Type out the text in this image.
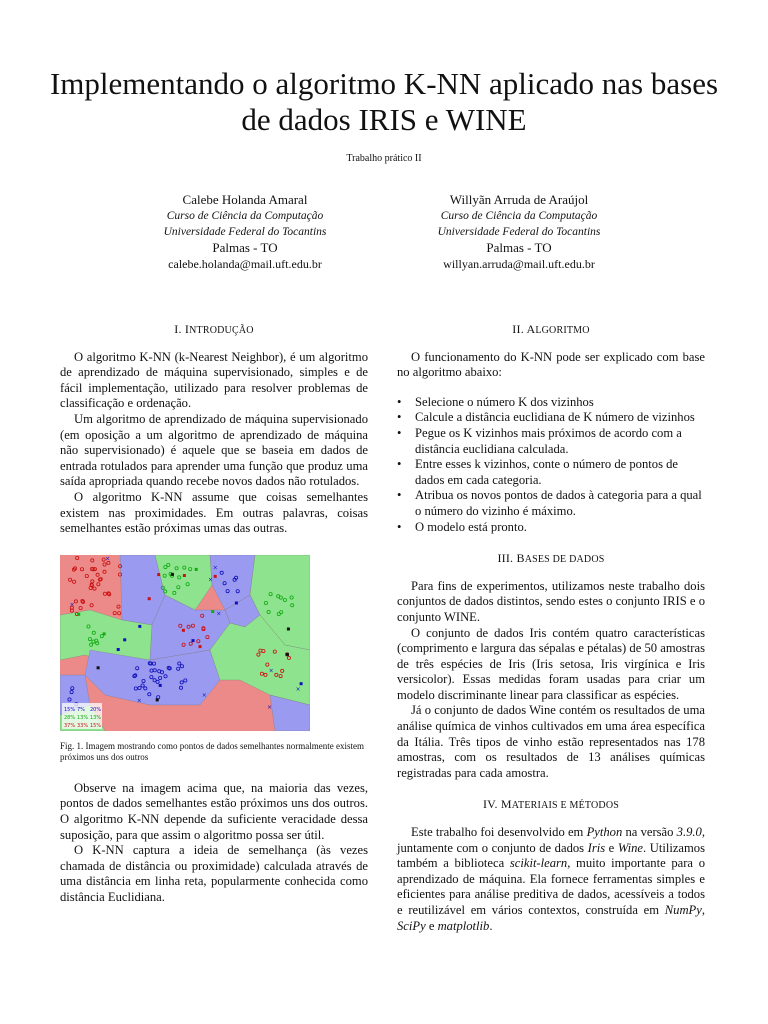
Implementando o algoritmo K-NN aplicado nas bases de dados IRIS e WINE
Trabalho prático II
Calebe Holanda Amaral
Curso de Ciência da Computação
Universidade Federal do Tocantins
Palmas - TO
calebe.holanda@mail.uft.edu.br
Willyãn Arruda de Araújol
Curso de Ciência da Computação
Universidade Federal do Tocantins
Palmas - TO
willyan.arruda@mail.uft.edu.br
I. INTRODUÇÃO

O algoritmo K-NN (k-Nearest Neighbor), é um algoritmo de aprendizado de máquina supervisionado, simples e de fácil implementação, utilizado para resolver problemas de classificação e ordenação.

Um algoritmo de aprendizado de máquina supervisionado (em oposição a um algoritmo de aprendizado de máquina não supervisionado) é aquele que se baseia em dados de entrada rotulados para aprender uma função que produz uma saída apropriada quando recebe novos dados não rotulados.

O algoritmo K-NN assume que coisas semelhantes existem nas proximidades. Em outras palavras, coisas semelhantes estão próximas umas das outras.

×
×
×
×
×
×
×
×
×
×
15% 7% 20%
28% 13% 13%
37% 33% 15%
Fig. 1. Imagem mostrando como pontos de dados semelhantes normalmente existem próximos uns dos outros

Observe na imagem acima que, na maioria das vezes, pontos de dados semelhantes estão próximos uns dos outros. O algoritmo K-NN depende da suficiente veracidade dessa suposição, para que assim o algoritmo possa ser útil.

O K-NN captura a ideia de semelhança (às vezes chamada de distância ou proximidade) calculada através de uma distância em linha reta, popularmente conhecida como distância Euclidiana.

II. ALGORITMO

O funcionamento do K-NN pode ser explicado com base no algoritmo abaixo:

• Selecione o número K dos vizinhos
• Calcule a distância euclidiana de K número de vizinhos
• Pegue os K vizinhos mais próximos de acordo com a distância euclidiana calculada.
• Entre esses k vizinhos, conte o número de pontos de dados em cada categoria.
• Atribua os novos pontos de dados à categoria para a qual o número do vizinho é máximo.
• O modelo está pronto.
III. BASES DE DADOS

Para fins de experimentos, utilizamos neste trabalho dois conjuntos de dados distintos, sendo estes o conjunto IRIS e o conjunto WINE.

O conjunto de dados Iris contém quatro características (comprimento e largura das sépalas e pétalas) de 50 amostras de três espécies de Iris (Iris setosa, Iris virgínica e Iris versicolor). Essas medidas foram usadas para criar um modelo discriminante linear para classificar as espécies.

Já o conjunto de dados Wine contém os resultados de uma análise química de vinhos cultivados em uma área específica da Itália. Três tipos de vinho estão representados nas 178 amostras, com os resultados de 13 análises químicas registradas para cada amostra.

IV. MATERIAIS E MÉTODOS

Este trabalho foi desenvolvido em Python na versão 3.9.0, juntamente com o conjunto de dados Iris e Wine. Utilizamos também a biblioteca scikit-learn, muito importante para o aprendizado de máquina. Ela fornece ferramentas simples e eficientes para análise preditiva de dados, acessíveis a todos e reutilizável em vários contextos, construída em NumPy, SciPy e matplotlib.
